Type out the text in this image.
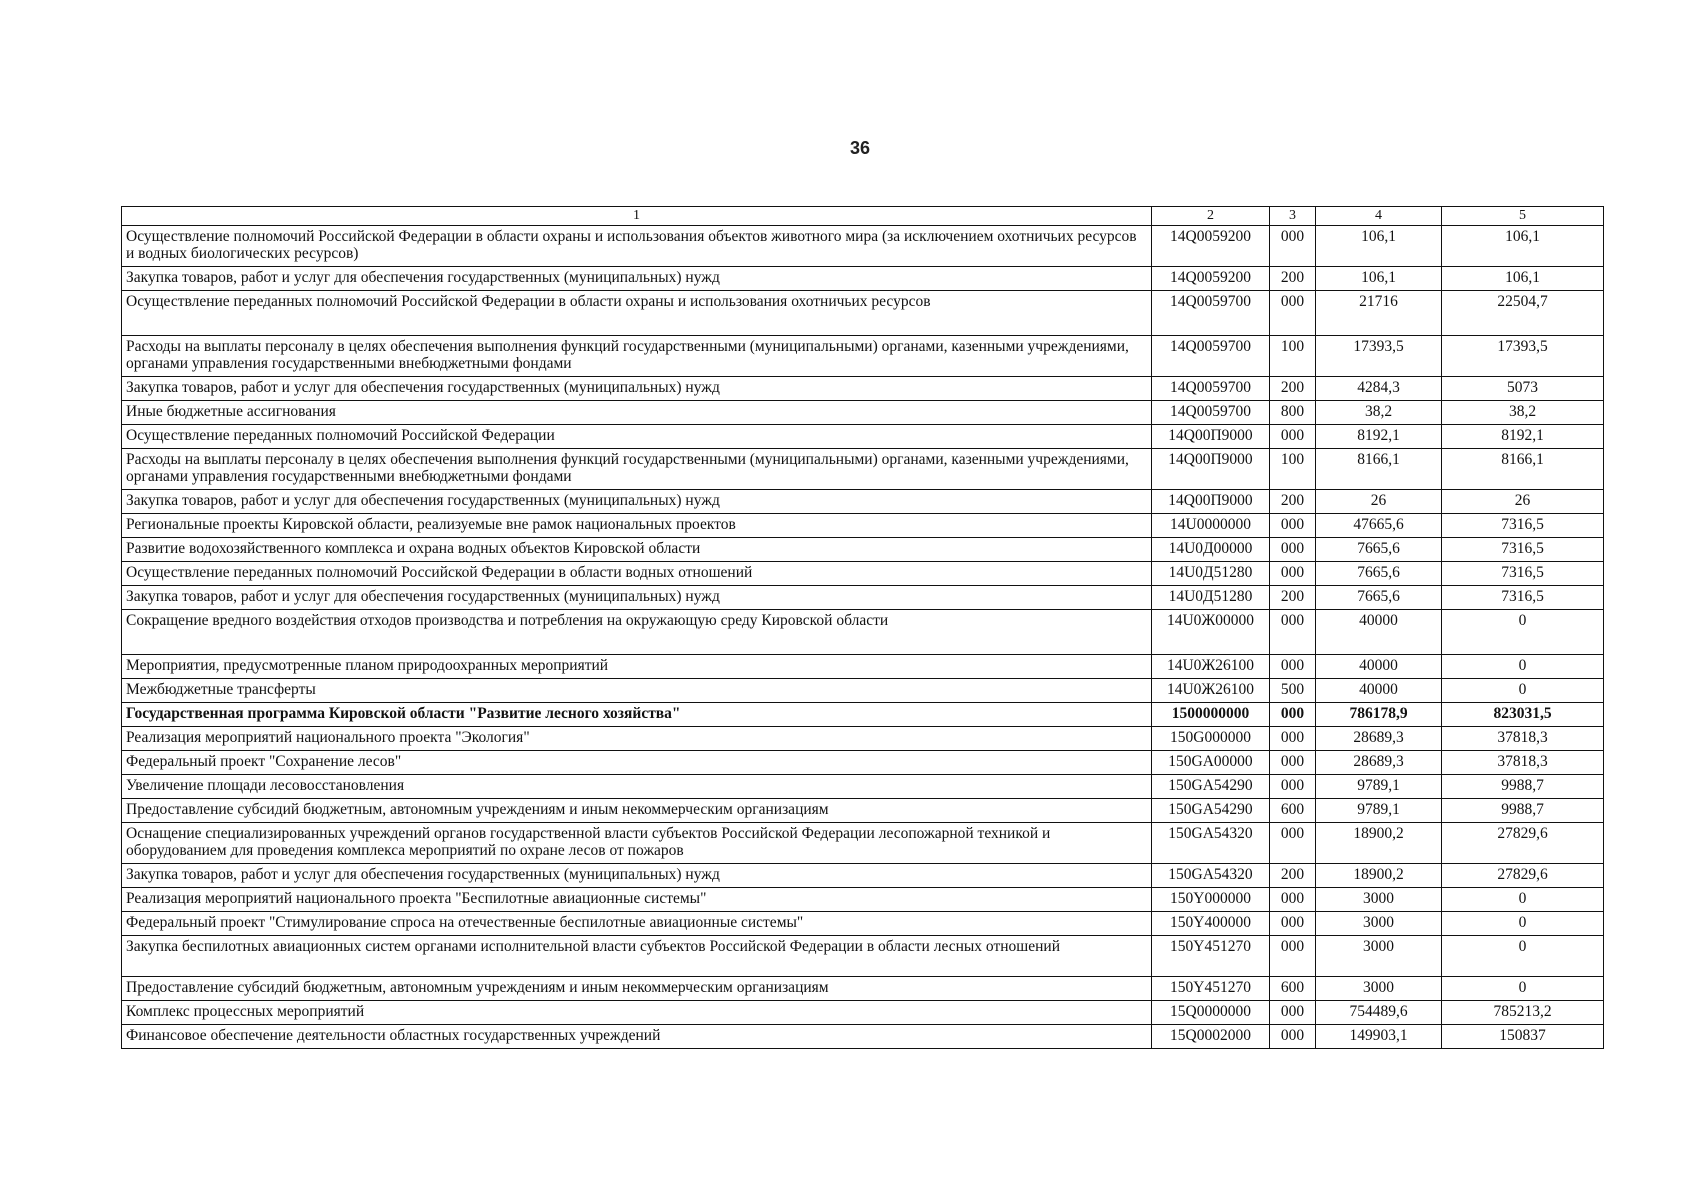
36
1	2	3	4	5
Осуществление полномочий Российской Федерации в области охраны и использования объектов животного мира (за исключением охотничьих ресурсов и водных биологических ресурсов)	14Q0059200	000	106,1	106,1
Закупка товаров, работ и услуг для обеспечения государственных (муниципальных) нужд	14Q0059200	200	106,1	106,1
Осуществление переданных полномочий Российской Федерации в области охраны и использования охотничьих ресурсов	14Q0059700	000	21716	22504,7
Расходы на выплаты персоналу в целях обеспечения выполнения функций государственными (муниципальными) органами, казенными учреждениями, органами управления государственными внебюджетными фондами	14Q0059700	100	17393,5	17393,5
Закупка товаров, работ и услуг для обеспечения государственных (муниципальных) нужд	14Q0059700	200	4284,3	5073
Иные бюджетные ассигнования	14Q0059700	800	38,2	38,2
Осуществление переданных полномочий Российской Федерации	14Q00П9000	000	8192,1	8192,1
Расходы на выплаты персоналу в целях обеспечения выполнения функций государственными (муниципальными) органами, казенными учреждениями, органами управления государственными внебюджетными фондами	14Q00П9000	100	8166,1	8166,1
Закупка товаров, работ и услуг для обеспечения государственных (муниципальных) нужд	14Q00П9000	200	26	26
Региональные проекты Кировской области, реализуемые вне рамок национальных проектов	14U0000000	000	47665,6	7316,5
Развитие водохозяйственного комплекса и охрана водных объектов Кировской области	14U0Д00000	000	7665,6	7316,5
Осуществление переданных полномочий Российской Федерации в области водных отношений	14U0Д51280	000	7665,6	7316,5
Закупка товаров, работ и услуг для обеспечения государственных (муниципальных) нужд	14U0Д51280	200	7665,6	7316,5
Сокращение вредного воздействия отходов производства и потребления на окружающую среду Кировской области	14U0Ж00000	000	40000	0
Мероприятия, предусмотренные планом природоохранных мероприятий	14U0Ж26100	000	40000	0
Межбюджетные трансферты	14U0Ж26100	500	40000	0
Государственная программа Кировской области "Развитие лесного хозяйства"	1500000000	000	786178,9	823031,5
Реализация мероприятий национального проекта "Экология"	150G000000	000	28689,3	37818,3
Федеральный проект "Сохранение лесов"	150GA00000	000	28689,3	37818,3
Увеличение площади лесовосстановления	150GA54290	000	9789,1	9988,7
Предоставление субсидий бюджетным, автономным учреждениям и иным некоммерческим организациям	150GA54290	600	9789,1	9988,7
Оснащение специализированных учреждений органов государственной власти субъектов Российской Федерации лесопожарной техникой и оборудованием для проведения комплекса мероприятий по охране лесов от пожаров	150GA54320	000	18900,2	27829,6
Закупка товаров, работ и услуг для обеспечения государственных (муниципальных) нужд	150GA54320	200	18900,2	27829,6
Реализация мероприятий национального проекта "Беспилотные авиационные системы"	150Y000000	000	3000	0
Федеральный проект "Стимулирование спроса на отечественные беспилотные авиационные системы"	150Y400000	000	3000	0
Закупка беспилотных авиационных систем органами исполнительной власти субъектов Российской Федерации в области лесных отношений	150Y451270	000	3000	0
Предоставление субсидий бюджетным, автономным учреждениям и иным некоммерческим организациям	150Y451270	600	3000	0
Комплекс процессных мероприятий	15Q0000000	000	754489,6	785213,2
Финансовое обеспечение деятельности областных государственных учреждений	15Q0002000	000	149903,1	150837
